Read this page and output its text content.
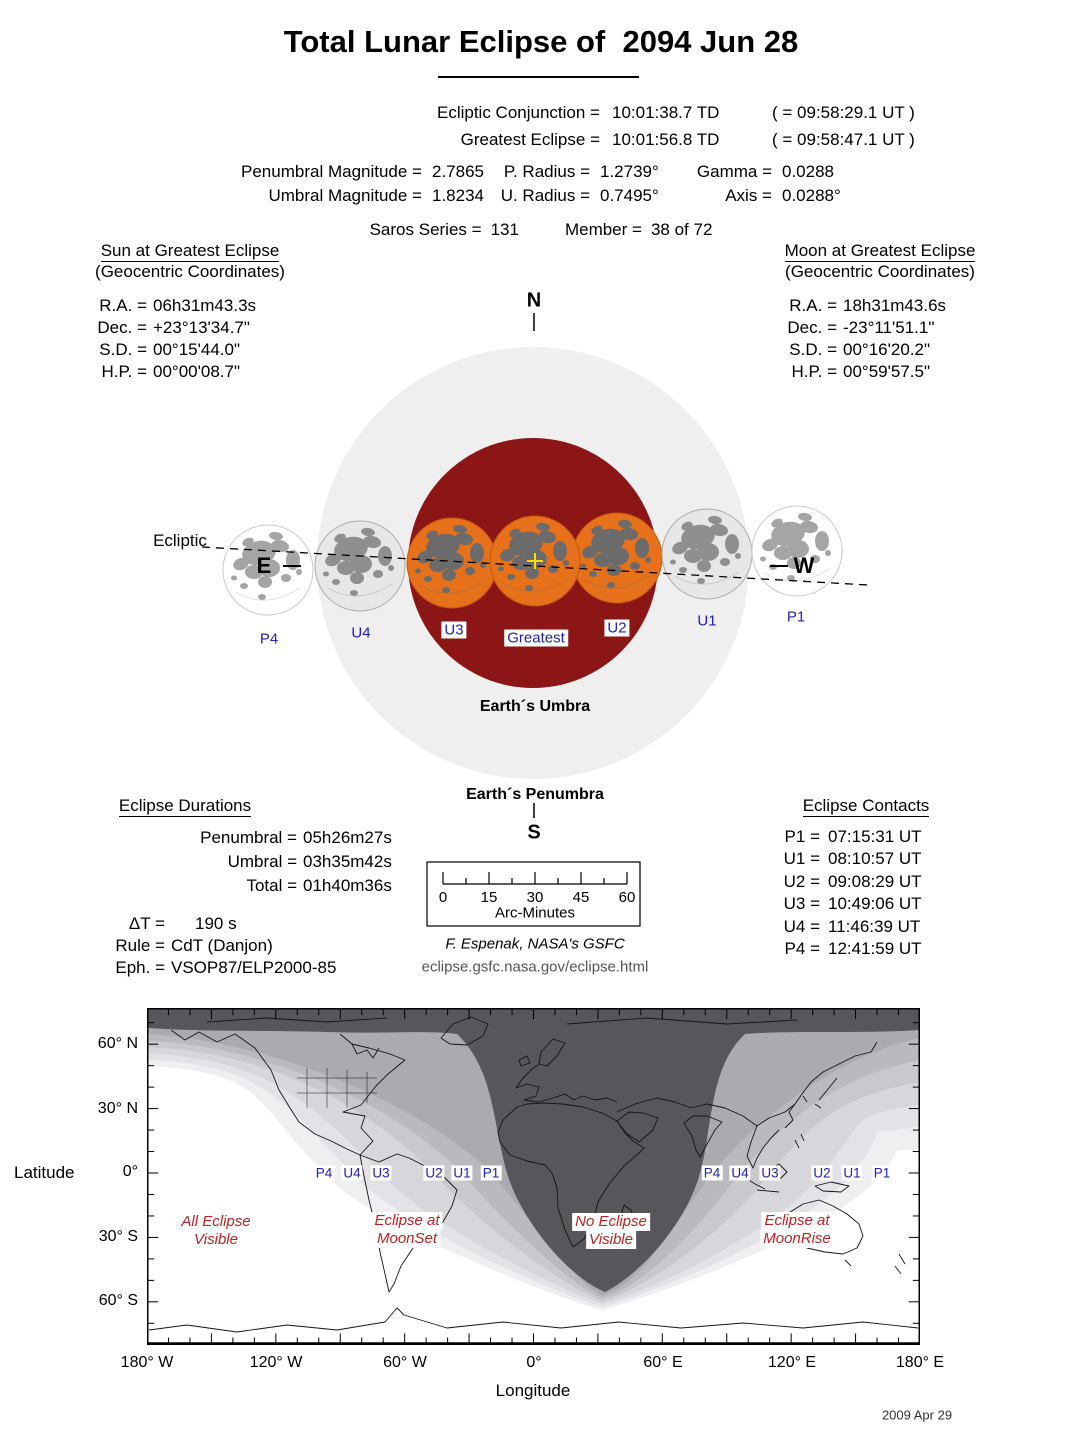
0 15 30 45 60
Total Lunar Eclipse of  2094 Jun 28
Ecliptic Conjunction = 10:01:38.7 TD	( = 09:58:29.1 UT )
Greatest Eclipse = 10:01:56.8 TD	( = 09:58:47.1 UT )
Penumbral Magnitude = 2.7865	P. Radius = 1.2739°	Gamma = 0.0288
Umbral Magnitude = 1.8234 U. Radius = 0.7495°	Axis = 0.0288°
Saros Series = 131	Member = 38 of 72
Sun at Greatest Eclipse
(Geocentric Coordinates)
R.A. = 06h31m43.3s
Dec. = +23°13'34.7"
S.D. = 00°15'44.0"
H.P. = 00°00'08.7"
Moon at Greatest Eclipse
(Geocentric Coordinates)
R.A. = 18h31m43.6s
Dec. = -23°11'51.1"
S.D. = 00°16'20.2"
H.P. = 00°59'57.5"
N
S
E	W
Ecliptic
P4	U4	U3	Greatest
U2	U1	P1
Earth´s Umbra
Earth´s Penumbra
Arc-Minutes
Eclipse Durations
Penumbral = 05h26m27s
Umbral = 03h35m42s
Total = 01h40m36s
ΔT = 190 s
Rule = CdT (Danjon)
Eph. = VSOP87/ELP2000-85
Eclipse Contacts
P1 = 07:15:31 UT
U1 = 08:10:57 UT
U2 = 09:08:29 UT
U3 = 10:49:06 UT
U4 = 11:46:39 UT
P4 = 12:41:59 UT
F. Espenak, NASA's GSFC
eclipse.gsfc.nasa.gov/eclipse.html
P4 U4 U3	U2 U1 P1	P4 U4 U3	U2 U1 P1
All Eclipse
Visible
Eclipse at
MoonSet
No Eclipse
Visible
Eclipse at
MoonRise
60° N
30° N
0°
30° S
60° S
Latitude
180° W	120° W	60° W	0°	60° E	120° E	180° E
Longitude
2009 Apr 29
